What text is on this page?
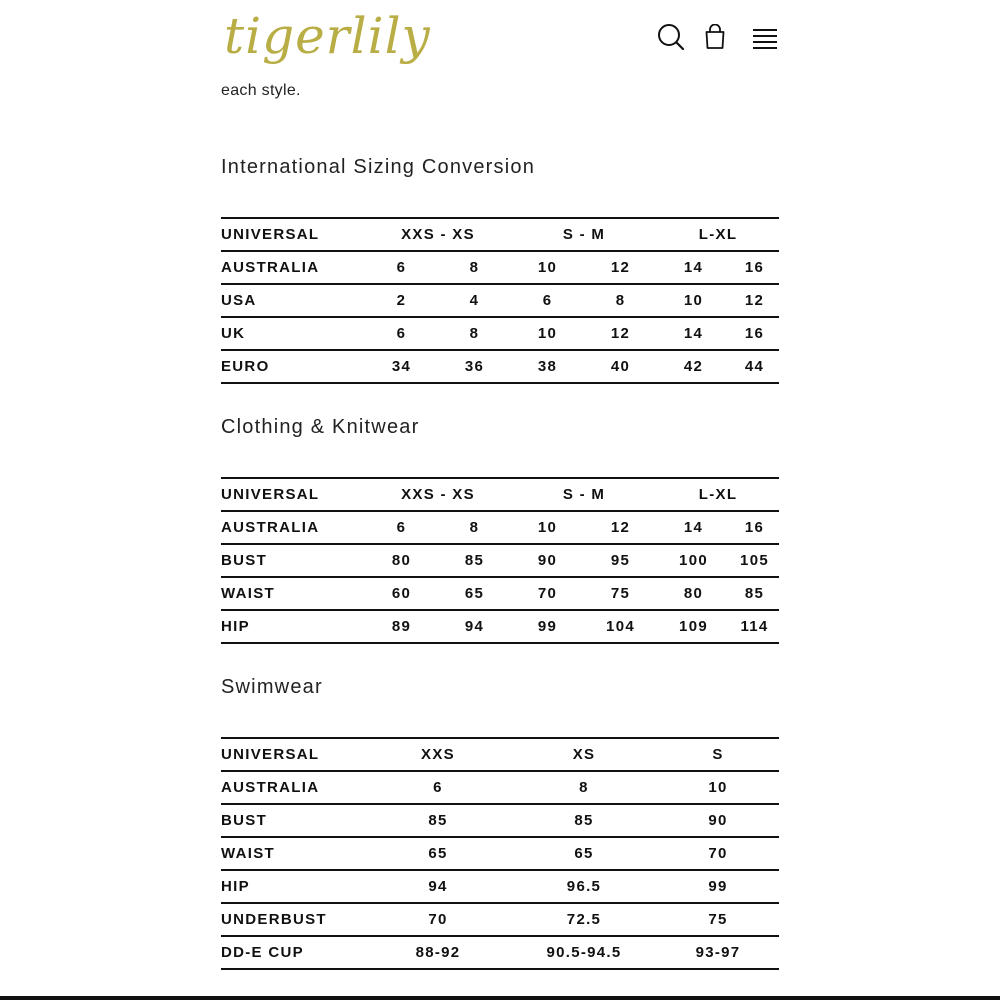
tigerlily
each style.
International Sizing Conversion
UNIVERSAL	XXS - XS		S - M		L-XL	
AUSTRALIA	6	8	10	12	14	16
USA	2	4	6	8	10	12
UK	6	8	10	12	14	16
EURO	34	36	38	40	42	44
Clothing & Knitwear
UNIVERSAL	XXS - XS		S - M		L-XL	
AUSTRALIA	6	8	10	12	14	16
BUST	80	85	90	95	100	105
WAIST	60	65	70	75	80	85
HIP	89	94	99	104	109	114
Swimwear
UNIVERSAL	XXS	XS	S
AUSTRALIA	6	8	10
BUST	85	85	90
WAIST	65	65	70
HIP	94	96.5	99
UNDERBUST	70	72.5	75
DD-E CUP	88-92	90.5-94.5	93-97
